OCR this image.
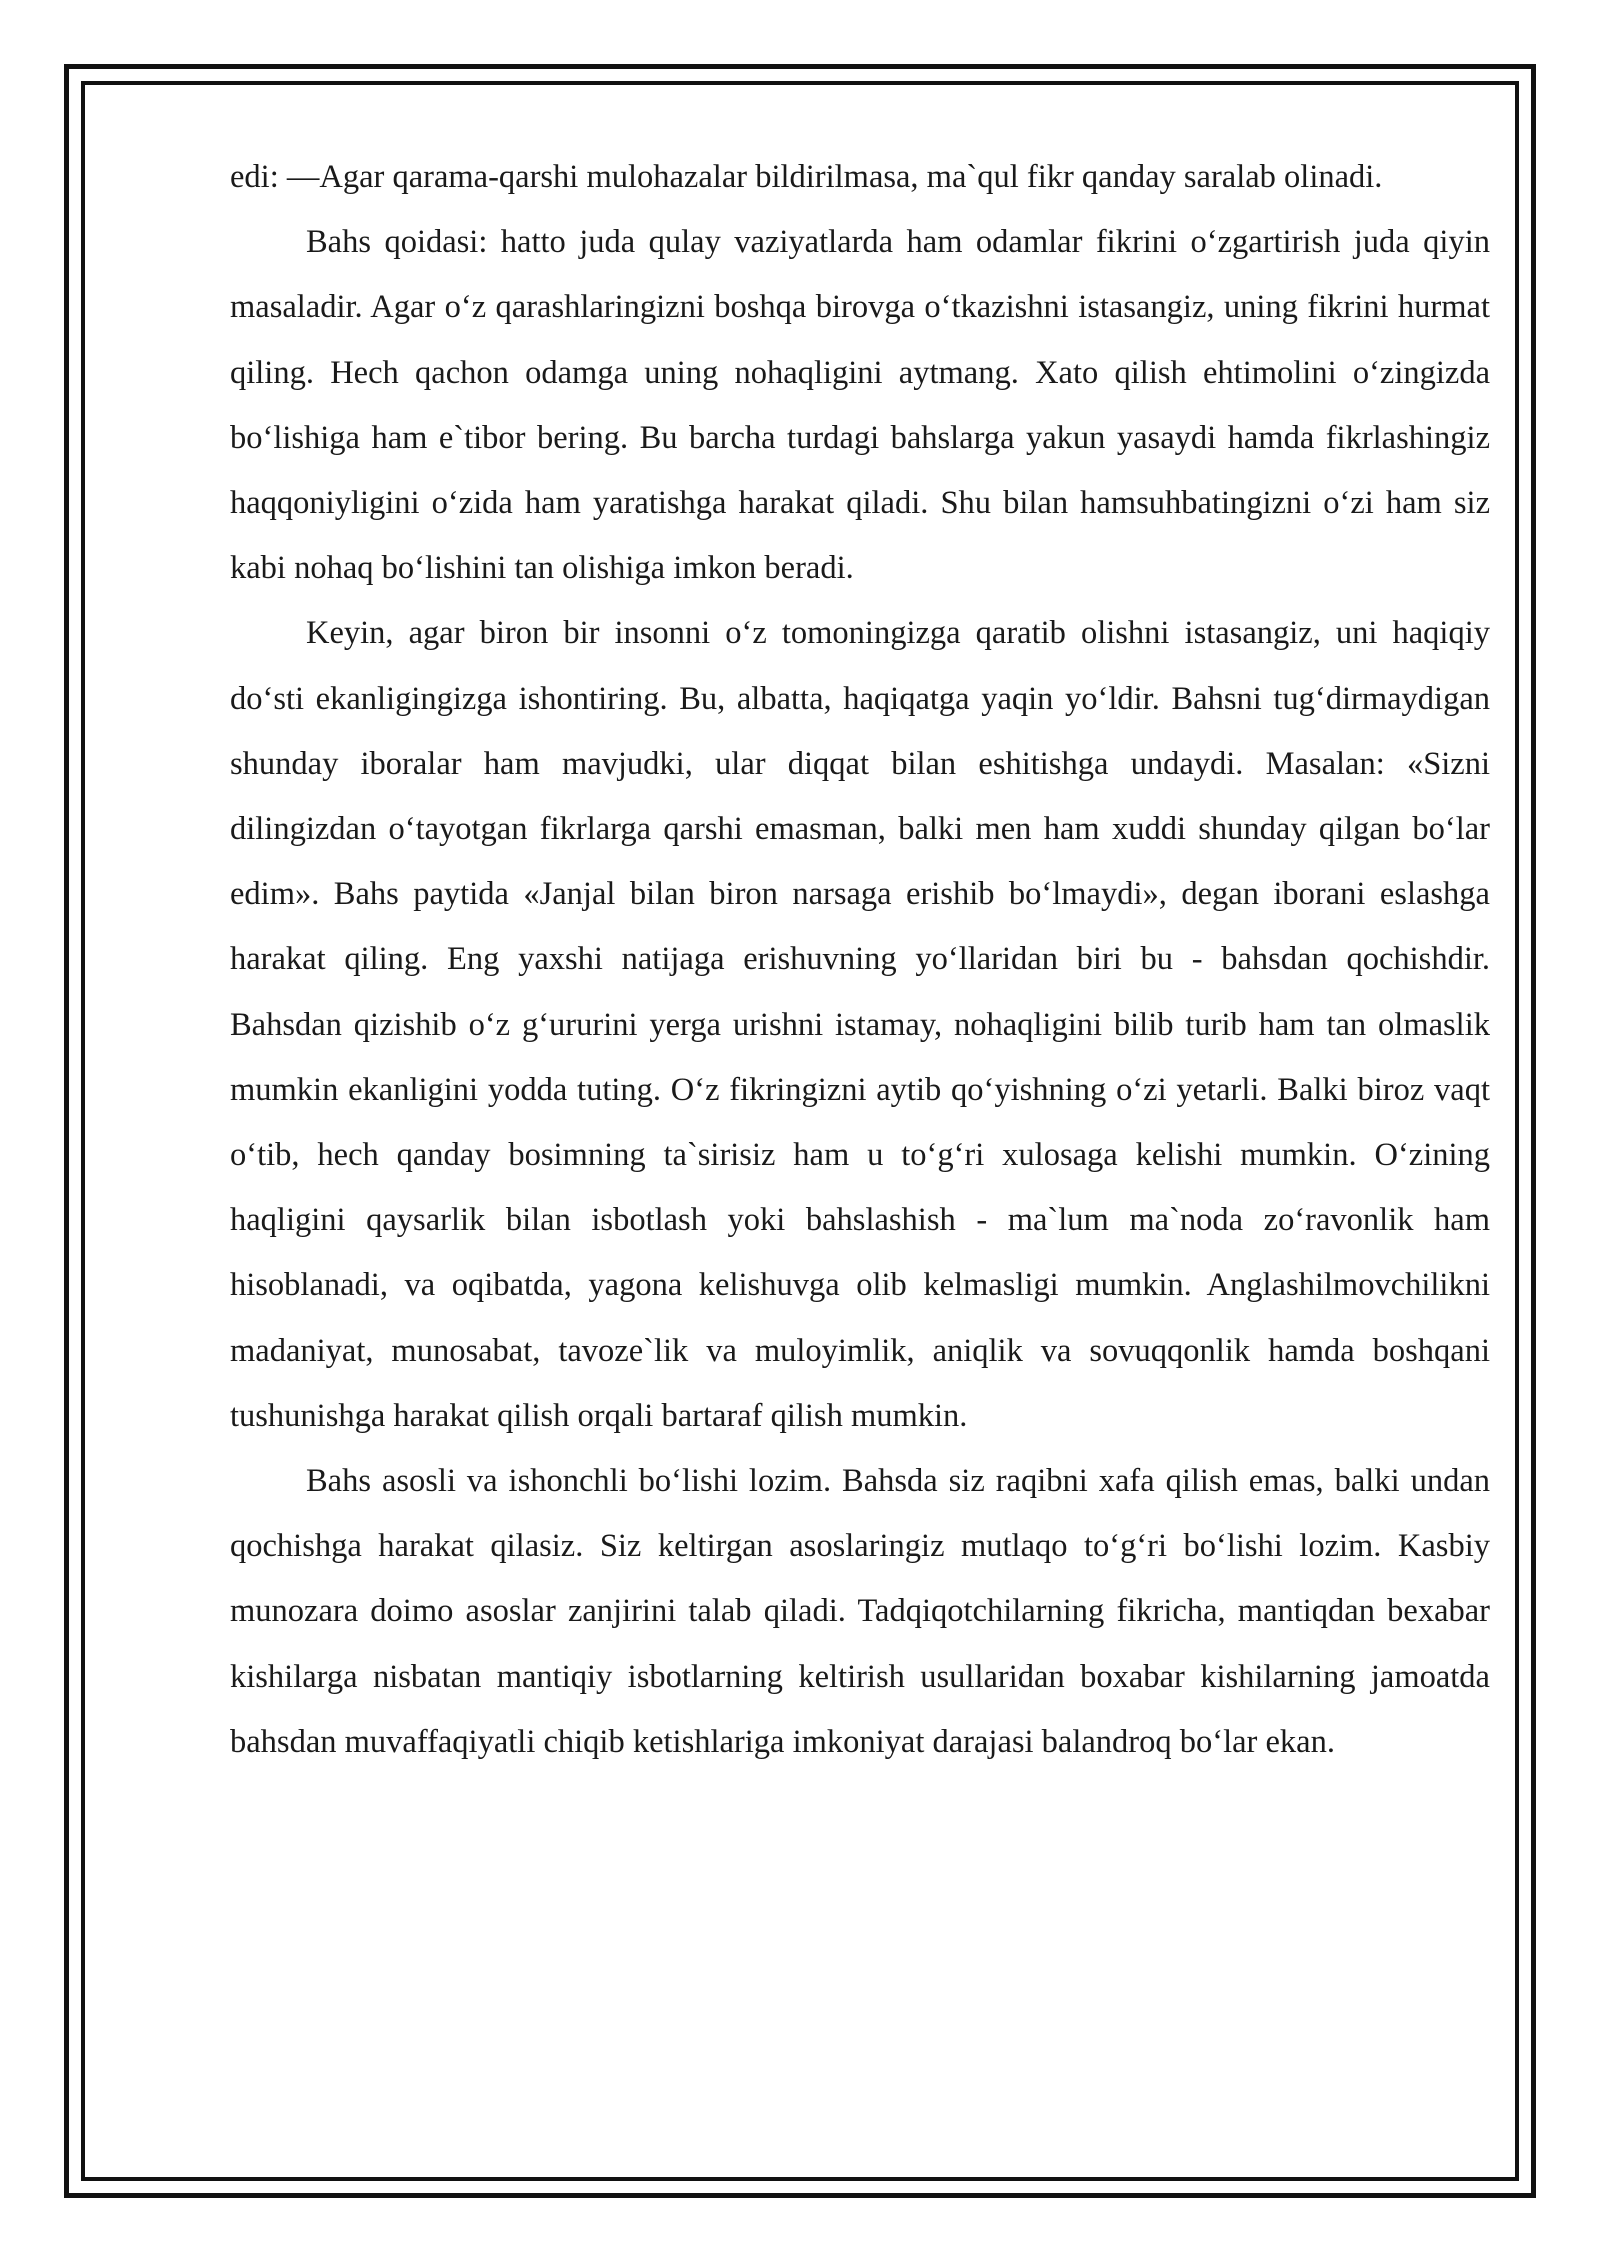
edi: —Agar qarama-qarshi mulohazalar bildirilmasa, ma`qul fikr qanday saralab olinadi.

Bahs qoidasi: hatto juda qulay vaziyatlarda ham odamlar fikrini o‘zgartirish juda qiyin masaladir. Agar o‘z qarashlaringizni boshqa birovga o‘tkazishni istasangiz, uning fikrini hurmat qiling. Hech qachon odamga uning nohaqligini aytmang. Xato qilish ehtimolini o‘zingizda bo‘lishiga ham e`tibor bering. Bu barcha turdagi bahslarga yakun yasaydi hamda fikrlashingiz haqqoniyligini o‘zida ham yaratishga harakat qiladi. Shu bilan hamsuhbatingizni o‘zi ham siz kabi nohaq bo‘lishini tan olishiga imkon beradi.

Keyin, agar biron bir insonni o‘z tomoningizga qaratib olishni istasangiz, uni haqiqiy do‘sti ekanligingizga ishontiring. Bu, albatta, haqiqatga yaqin yo‘ldir. Bahsni tug‘dirmaydigan shunday iboralar ham mavjudki, ular diqqat bilan eshitishga undaydi. Masalan: «Sizni dilingizdan o‘tayotgan fikrlarga qarshi emasman, balki men ham xuddi shunday qilgan bo‘lar edim». Bahs paytida «Janjal bilan biron narsaga erishib bo‘lmaydi», degan iborani eslashga harakat qiling. Eng yaxshi natijaga erishuvning yo‘llaridan biri bu - bahsdan qochishdir. Bahsdan qizishib o‘z g‘ururini yerga urishni istamay, nohaqligini bilib turib ham tan olmaslik mumkin ekanligini yodda tuting. O‘z fikringizni aytib qo‘yishning o‘zi yetarli. Balki biroz vaqt o‘tib, hech qanday bosimning ta`sirisiz ham u to‘g‘ri xulosaga kelishi mumkin. O‘zining haqligini qaysarlik bilan isbotlash yoki bahslashish - ma`lum ma`noda zo‘ravonlik ham hisoblanadi, va oqibatda, yagona kelishuvga olib kelmasligi mumkin. Anglashilmovchilikni madaniyat, munosabat, tavoze`lik va muloyimlik, aniqlik va sovuqqonlik hamda boshqani tushunishga harakat qilish orqali bartaraf qilish mumkin.

Bahs asosli va ishonchli bo‘lishi lozim. Bahsda siz raqibni xafa qilish emas, balki undan qochishga harakat qilasiz. Siz keltirgan asoslaringiz mutlaqo to‘g‘ri bo‘lishi lozim. Kasbiy munozara doimo asoslar zanjirini talab qiladi. Tadqiqotchilarning fikricha, mantiqdan bexabar kishilarga nisbatan mantiqiy isbotlarning keltirish usullaridan boxabar kishilarning jamoatda bahsdan muvaffaqiyatli chiqib ketishlariga imkoniyat darajasi balandroq bo‘lar ekan.
